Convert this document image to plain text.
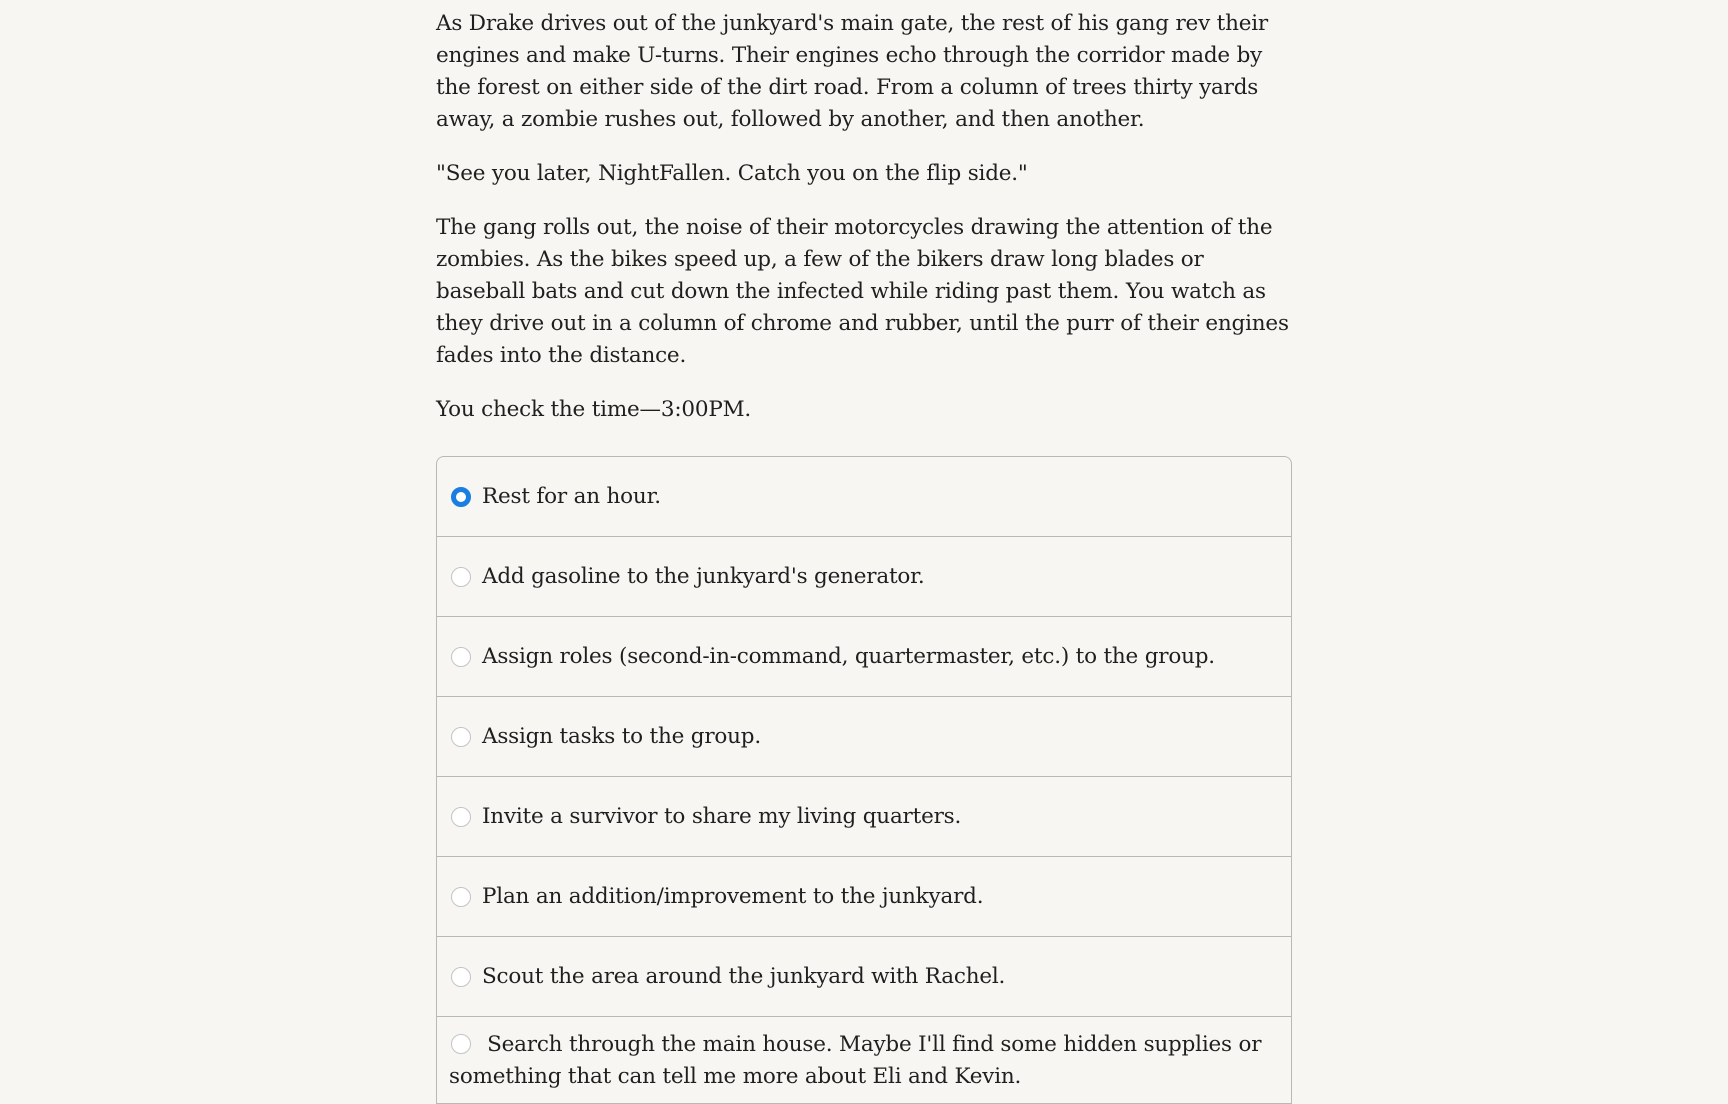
As Drake drives out of the junkyard's main gate, the rest of his gang rev their engines and make U-turns. Their engines echo through the corridor made by the forest on either side of the dirt road. From a column of trees thirty yards away, a zombie rushes out, followed by another, and then another.

"See you later, NightFallen. Catch you on the flip side."

The gang rolls out, the noise of their motorcycles drawing the attention of the zombies. As the bikes speed up, a few of the bikers draw long blades or baseball bats and cut down the infected while riding past them. You watch as they drive out in a column of chrome and rubber, until the purr of their engines fades into the distance.

You check the time—3:00PM.

Rest for an hour.
Add gasoline to the junkyard's generator.
Assign roles (second-in-command, quartermaster, etc.) to the group.
Assign tasks to the group.
Invite a survivor to share my living quarters.
Plan an addition/improvement to the junkyard.
Scout the area around the junkyard with Rachel.
Search through the main house. Maybe I'll find some hidden supplies or something that can tell me more about Eli and Kevin.
